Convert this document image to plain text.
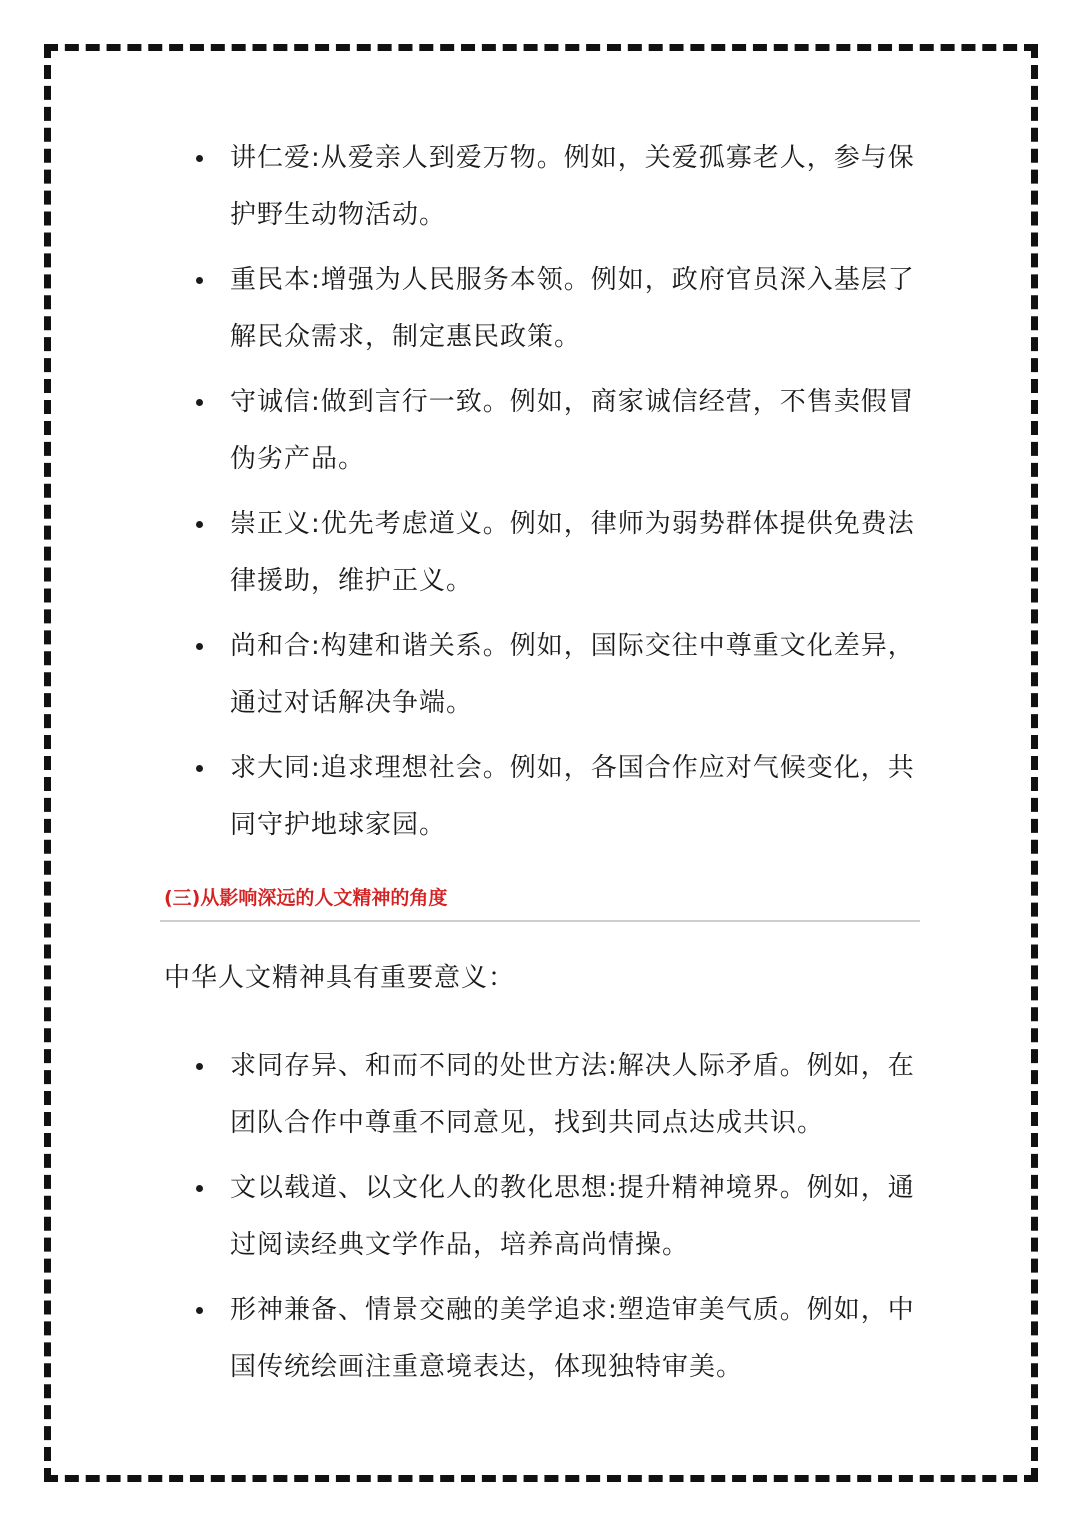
讲仁爱:从爱亲人到爱万物。例如，关爱孤寡老人，参与保护野生动物活动。
重民本:增强为人民服务本领。例如，政府官员深入基层了解民众需求，制定惠民政策。
守诚信:做到言行一致。例如，商家诚信经营，不售卖假冒伪劣产品。
崇正义:优先考虑道义。例如，律师为弱势群体提供免费法律援助，维护正义。
尚和合:构建和谐关系。例如，国际交往中尊重文化差异，通过对话解决争端。
求大同:追求理想社会。例如，各国合作应对气候变化，共同守护地球家园。
(三)从影响深远的人文精神的角度
中华人文精神具有重要意义：
求同存异、和而不同的处世方法:解决人际矛盾。例如，在团队合作中尊重不同意见，找到共同点达成共识。
文以载道、以文化人的教化思想:提升精神境界。例如，通过阅读经典文学作品，培养高尚情操。
形神兼备、情景交融的美学追求:塑造审美气质。例如，中国传统绘画注重意境表达，体现独特审美。
